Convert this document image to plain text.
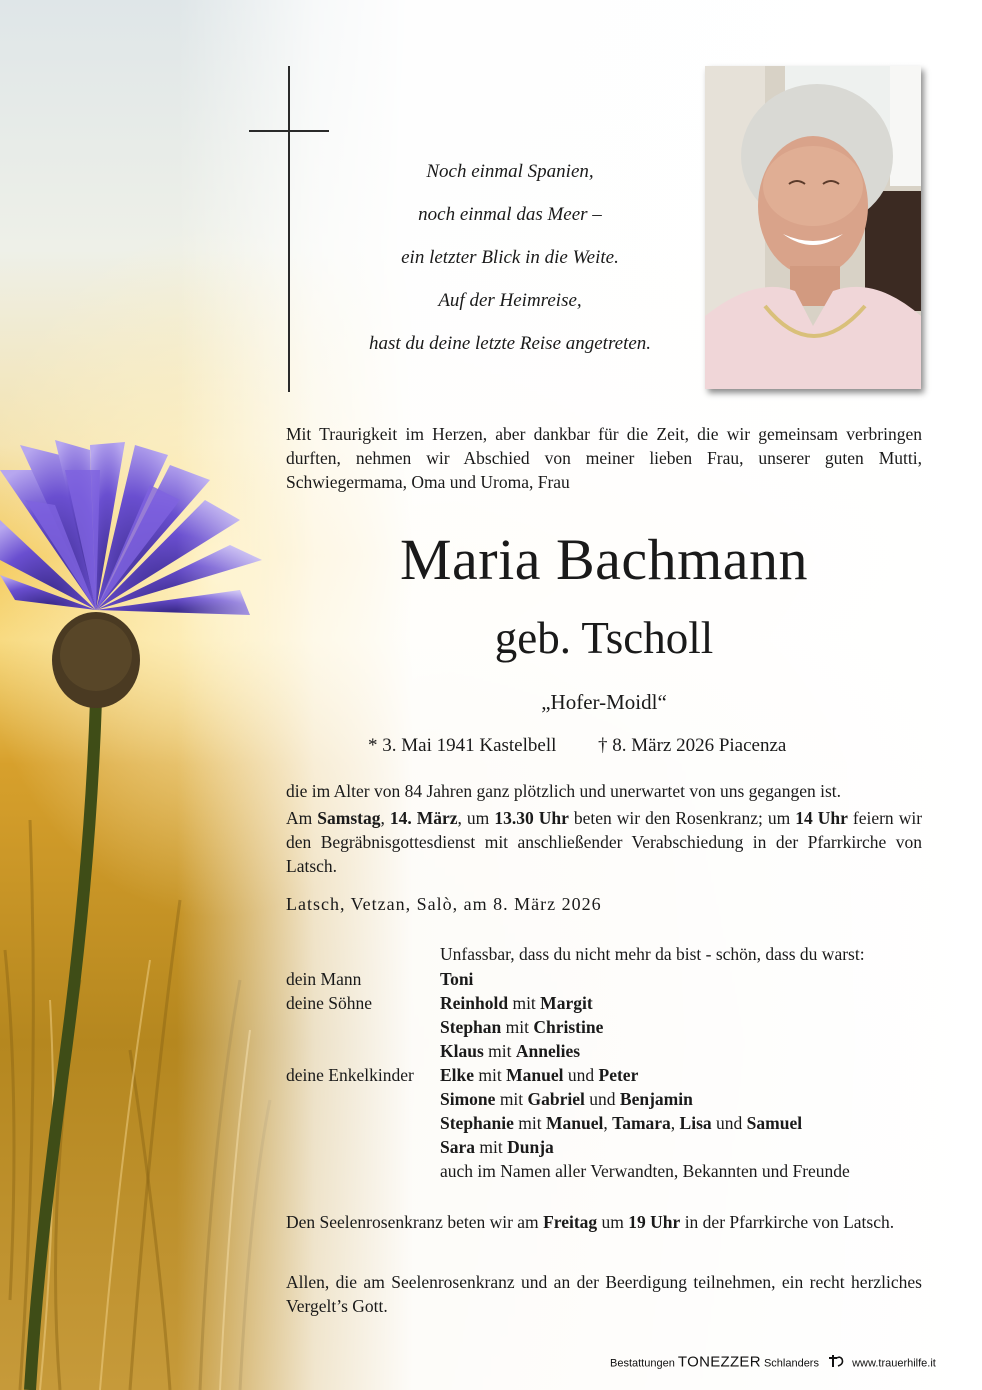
Noch einmal Spanien,
noch einmal das Meer –
ein letzter Blick in die Weite.
Auf der Heimreise,
hast du deine letzte Reise angetreten.

Mit Traurigkeit im Herzen, aber dankbar für die Zeit, die wir gemeinsam verbringen durften, nehmen wir Abschied von meiner lieben Frau, unserer guten Mutti, Schwiegermama, Oma und Uroma, Frau

Maria Bachmann
geb. Tscholl
„Hofer-Moidl“
* 3. Mai 1941 Kastelbell † 8. März 2026 Piacenza

die im Alter von 84 Jahren ganz plötzlich und unerwartet von uns gegangen ist.

Am Samstag, 14. März, um 13.30 Uhr beten wir den Rosenkranz; um 14 Uhr feiern wir den Begräbnisgottesdienst mit anschließender Verabschiedung in der Pfarrkirche von Latsch.

Latsch, Vetzan, Salò, am 8. März 2026
Unfassbar, dass du nicht mehr da bist - schön, dass du warst:
dein Mann	Toni
deine Söhne	Reinhold mit Margit
Stephan mit Christine
Klaus mit Annelies
deine Enkelkinder Elke mit Manuel und Peter
Simone mit Gabriel und Benjamin
Stephanie mit Manuel, Tamara, Lisa und Samuel
Sara mit Dunja
auch im Namen aller Verwandten, Bekannten und Freunde

Den Seelenrosenkranz beten wir am Freitag um 19 Uhr in der Pfarrkirche von Latsch.

Allen, die am Seelenrosenkranz und an der Beerdigung teilnehmen, ein recht herzliches Vergelt’s Gott.

Bestattungen TONEZZER Schlanders	www.trauerhilfe.it
